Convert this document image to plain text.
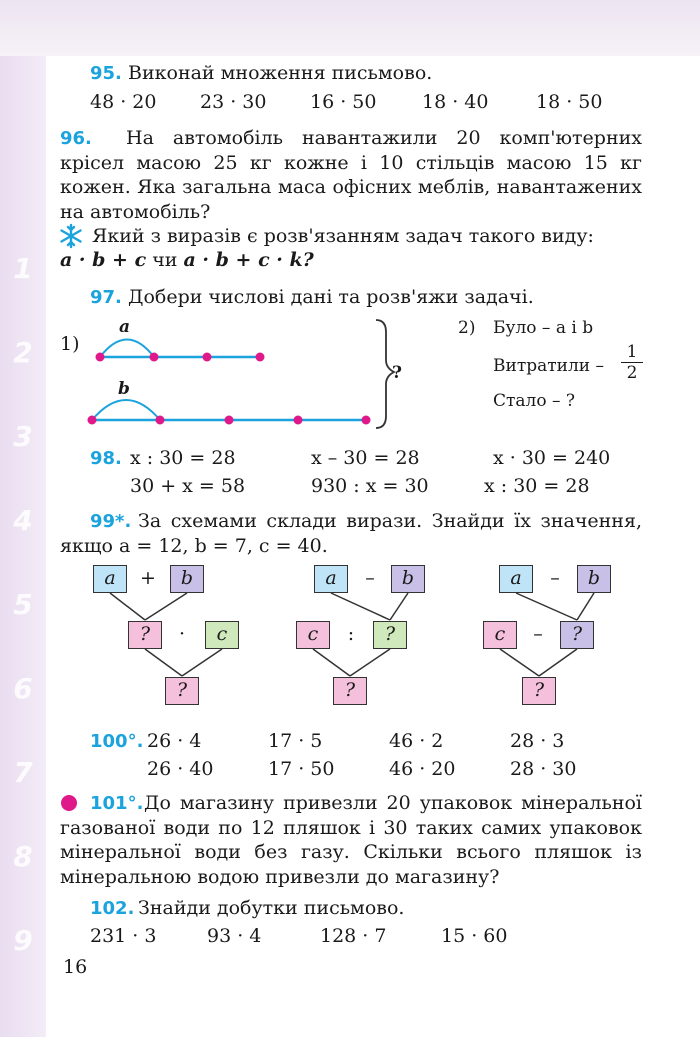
1
2
3
4
5
6
7
8
9
95. Виконай множення письмово.
48 · 20 23 · 30 16 · 50 18 · 40	18 · 50
96. На автомобіль навантажили 20 комп'ютерних крісел масою 25 кг кожне і 10 стільців масою 15 кг кожен. Яка загальна маса офісних меблів, навантажених на автомобіль?
Який з виразів є розв'язанням задач такого виду:
a · b + c чи a · b + c · k?
97. Добери числові дані та розв'яжи задачі.
1)
a
b
?
2) Було – a і b
Витратили – $\frac{1}{2}$
Стало – ?
98. x : 30 = 28	x – 30 = 28	x · 30 = 240
30 + x = 58	930 : x = 30	x : 30 = 28
99*. За схемами склади вирази. Знайди їх значення, якщо a = 12, b = 7, c = 40.
a	+	b
?	·	c
?
a	–	b
c	:	?
?
a	–	b
c	–	?
?
100°. 26 · 4	17 · 5	46 · 2	28 · 3
26 · 40	17 · 50	46 · 20	28 · 30
101°. До магазину привезли 20 упаковок мінеральної газованої води по 12 пляшок і 30 таких самих упаковок мінеральної води без газу. Скільки всього пляшок із мінеральною водою привезли до магазину?
102. Знайди добутки письмово.
231 · 3	93 · 4	128 · 7	15 · 60
16
